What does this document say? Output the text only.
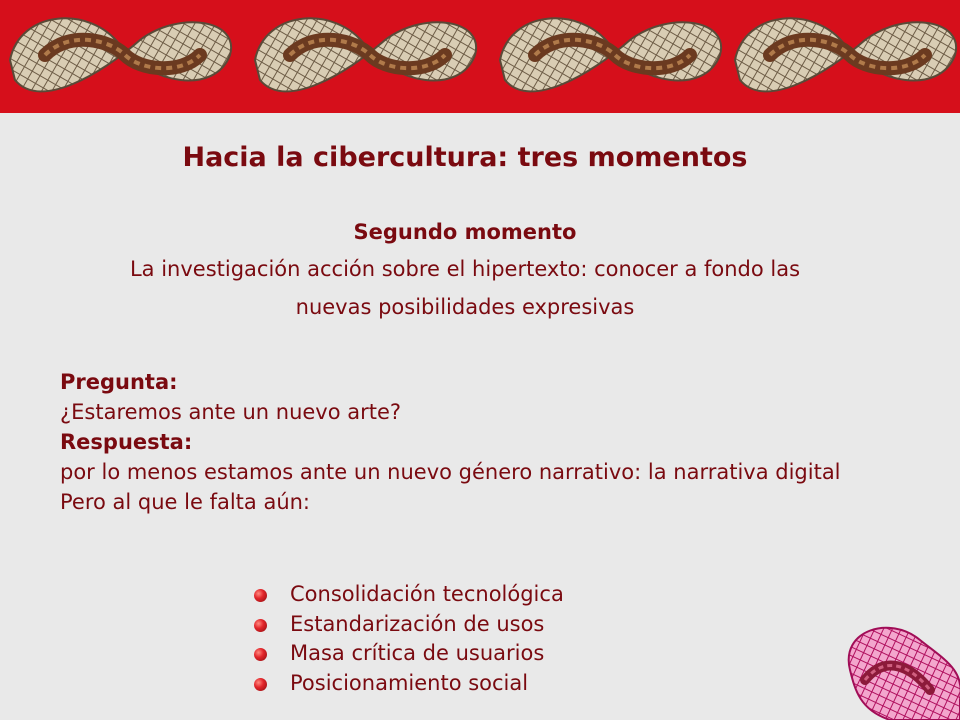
Hacia la cibercultura: tres momentos
Segundo momento
La investigación acción sobre el hipertexto: conocer a fondo las nuevas posibilidades expresivas
Pregunta:
¿Estaremos ante un nuevo arte?
Respuesta:
por lo menos estamos ante un nuevo género narrativo: la narrativa digital
Pero al que le falta aún:
Consolidación tecnológica
Estandarización de usos
Masa crítica de usuarios
Posicionamiento social
